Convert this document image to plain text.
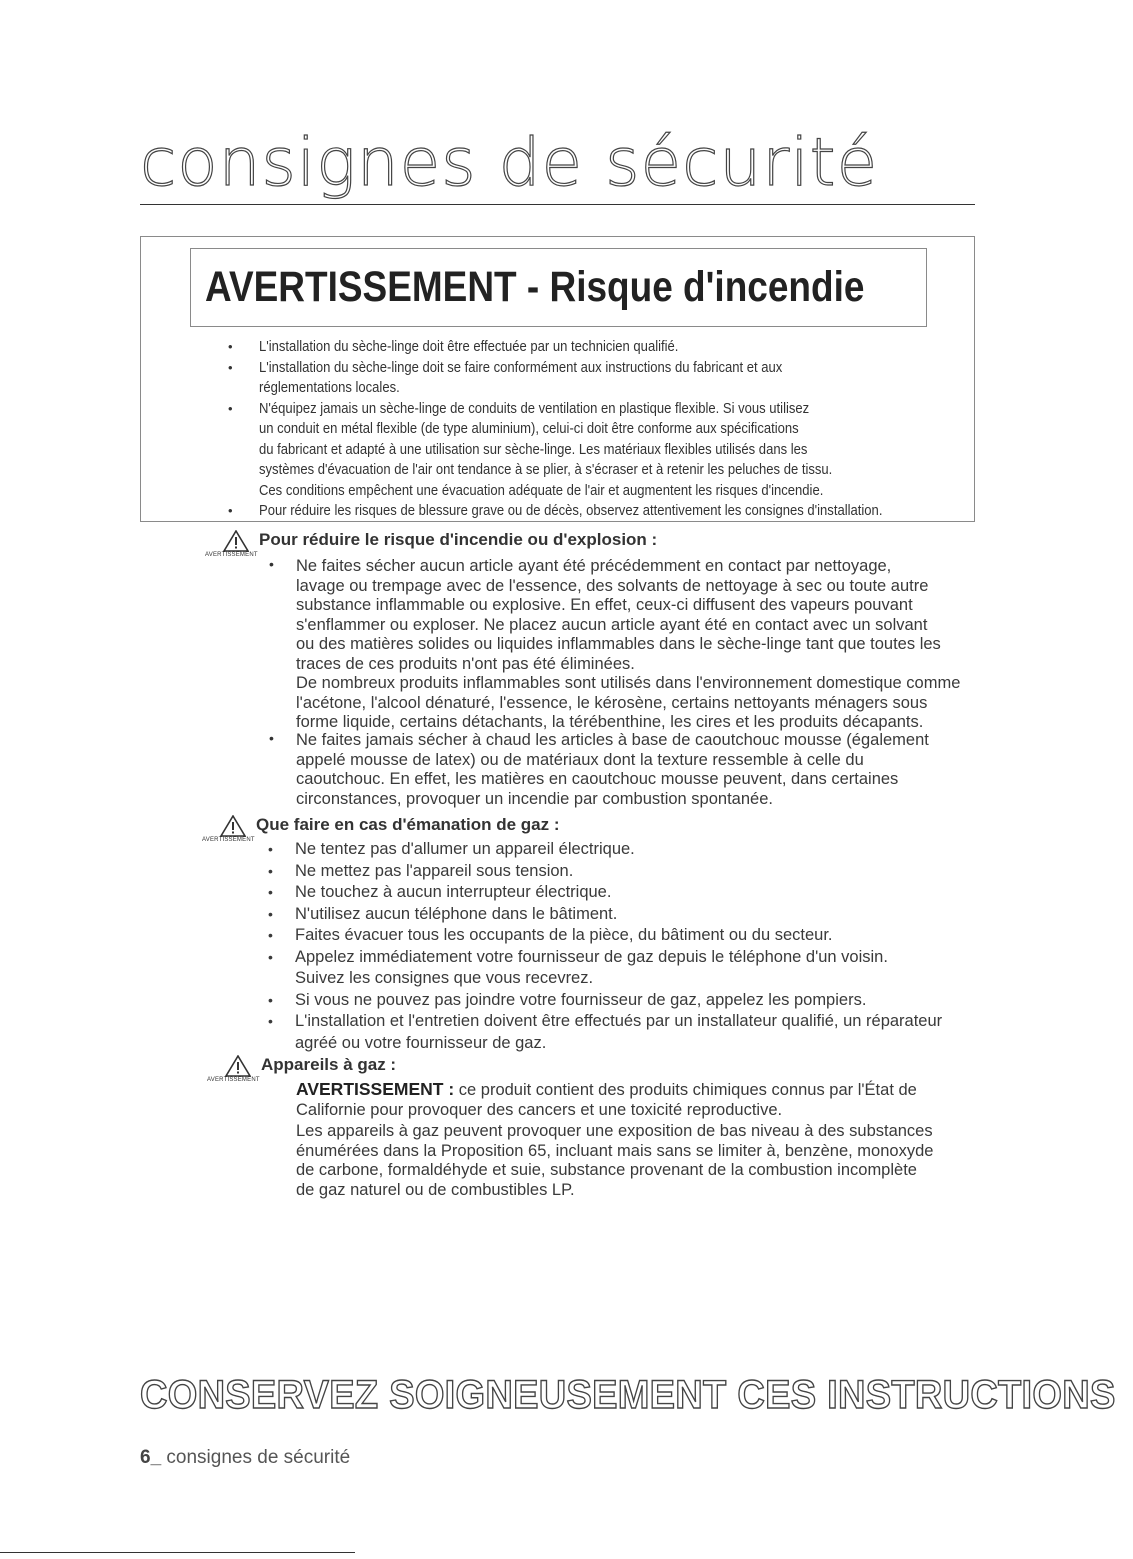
consignes de sécurité
AVERTISSEMENT - Risque d'incendie
• L'installation du sèche-linge doit être effectuée par un technicien qualifié.
• L'installation du sèche-linge doit se faire conformément aux instructions du fabricant et aux
réglementations locales.
• N'équipez jamais un sèche-linge de conduits de ventilation en plastique flexible. Si vous utilisez
un conduit en métal flexible (de type aluminium), celui-ci doit être conforme aux spécifications
du fabricant et adapté à une utilisation sur sèche-linge. Les matériaux flexibles utilisés dans les
systèmes d'évacuation de l'air ont tendance à se plier, à s'écraser et à retenir les peluches de tissu.
Ces conditions empêchent une évacuation adéquate de l'air et augmentent les risques d'incendie.
• Pour réduire les risques de blessure grave ou de décès, observez attentivement les consignes d'installation.
AVERTISSEMENT
Pour réduire le risque d'incendie ou d'explosion :
• Ne faites sécher aucun article ayant été précédemment en contact par nettoyage,
lavage ou trempage avec de l'essence, des solvants de nettoyage à sec ou toute autre
substance inflammable ou explosive. En effet, ceux-ci diffusent des vapeurs pouvant
s'enflammer ou exploser. Ne placez aucun article ayant été en contact avec un solvant
ou des matières solides ou liquides inflammables dans le sèche-linge tant que toutes les
traces de ces produits n'ont pas été éliminées.
De nombreux produits inflammables sont utilisés dans l'environnement domestique comme
l'acétone, l'alcool dénaturé, l'essence, le kérosène, certains nettoyants ménagers sous
forme liquide, certains détachants, la térébenthine, les cires et les produits décapants.

• Ne faites jamais sécher à chaud les articles à base de caoutchouc mousse (également
appelé mousse de latex) ou de matériaux dont la texture ressemble à celle du
caoutchouc. En effet, les matières en caoutchouc mousse peuvent, dans certaines
circonstances, provoquer un incendie par combustion spontanée.

AVERTISSEMENT
Que faire en cas d'émanation de gaz :
• Ne tentez pas d'allumer un appareil électrique.
• Ne mettez pas l'appareil sous tension.
• Ne touchez à aucun interrupteur électrique.
• N'utilisez aucun téléphone dans le bâtiment.
• Faites évacuer tous les occupants de la pièce, du bâtiment ou du secteur.
• Appelez immédiatement votre fournisseur de gaz depuis le téléphone d'un voisin.
Suivez les consignes que vous recevrez.
• Si vous ne pouvez pas joindre votre fournisseur de gaz, appelez les pompiers.
• L'installation et l'entretien doivent être effectués par un installateur qualifié, un réparateur
agréé ou votre fournisseur de gaz.
AVERTISSEMENT
Appareils à gaz :

AVERTISSEMENT : ce produit contient des produits chimiques connus par l'État de
Californie pour provoquer des cancers et une toxicité reproductive.

Les appareils à gaz peuvent provoquer une exposition de bas niveau à des substances
énumérées dans la Proposition 65, incluant mais sans se limiter à, benzène, monoxyde
de carbone, formaldéhyde et suie, substance provenant de la combustion incomplète
de gaz naturel ou de combustibles LP.

CONSERVEZ SOIGNEUSEMENT CES INSTRUCTIONS
6_ consignes de sécurité
